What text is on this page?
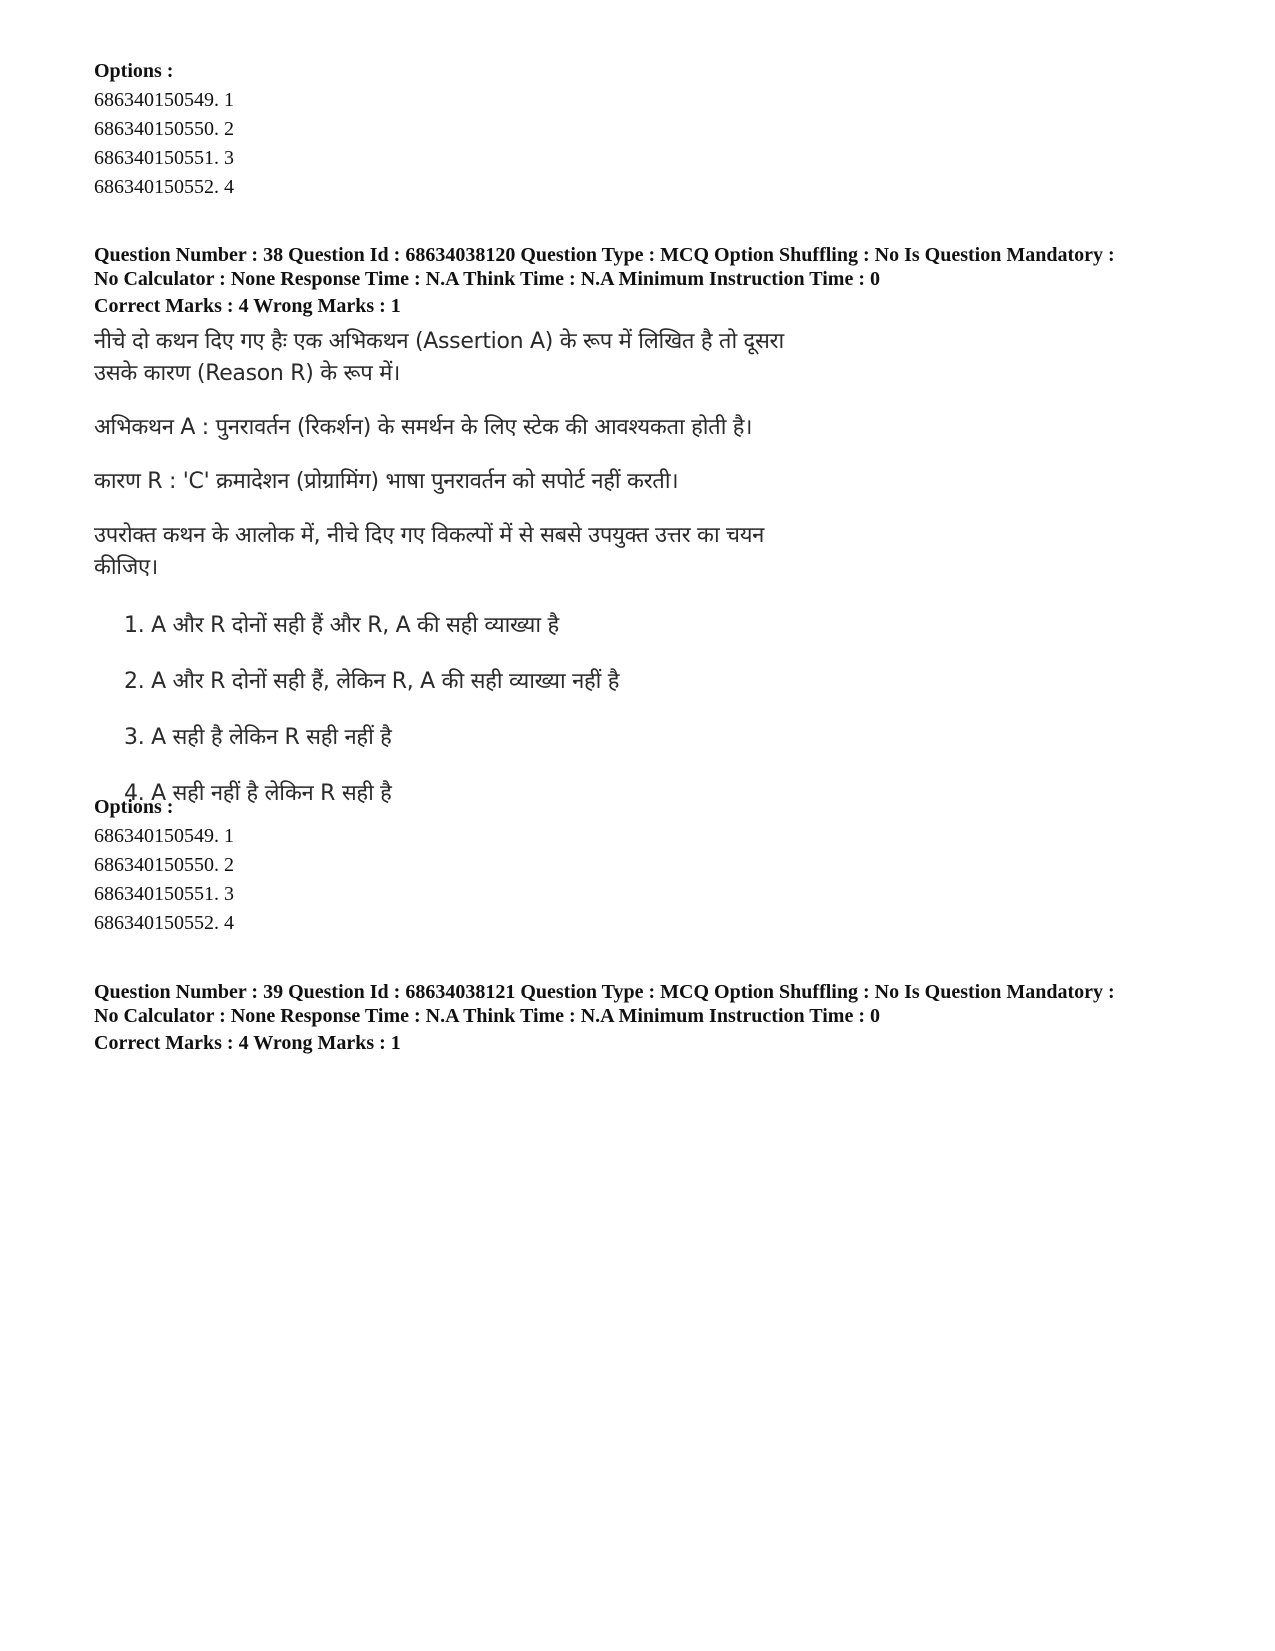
Options :
686340150549. 1
686340150550. 2
686340150551. 3
686340150552. 4
Question Number : 38 Question Id : 68634038120 Question Type : MCQ Option Shuffling : No Is Question Mandatory :
No Calculator : None Response Time : N.A Think Time : N.A Minimum Instruction Time : 0
Correct Marks : 4 Wrong Marks : 1
नीचे दो कथन दिए गए हैः एक अभिकथन (Assertion A) के रूप में लिखित है तो दूसरा
उसके कारण (Reason R) के रूप में।
अभिकथन A : पुनरावर्तन (रिकर्शन) के समर्थन के लिए स्टेक की आवश्यकता होती है।
कारण R : 'C' क्रमादेशन (प्रोग्रामिंग) भाषा पुनरावर्तन को सपोर्ट नहीं करती।
उपरोक्त कथन के आलोक में, नीचे दिए गए विकल्पों में से सबसे उपयुक्त उत्तर का चयन
कीजिए।
1. A और R दोनों सही हैं और R, A की सही व्याख्या है
2. A और R दोनों सही हैं, लेकिन R, A की सही व्याख्या नहीं है
3. A सही है लेकिन R सही नहीं है
4. A सही नहीं है लेकिन R सही है
Options :
686340150549. 1
686340150550. 2
686340150551. 3
686340150552. 4
Question Number : 39 Question Id : 68634038121 Question Type : MCQ Option Shuffling : No Is Question Mandatory :
No Calculator : None Response Time : N.A Think Time : N.A Minimum Instruction Time : 0
Correct Marks : 4 Wrong Marks : 1
